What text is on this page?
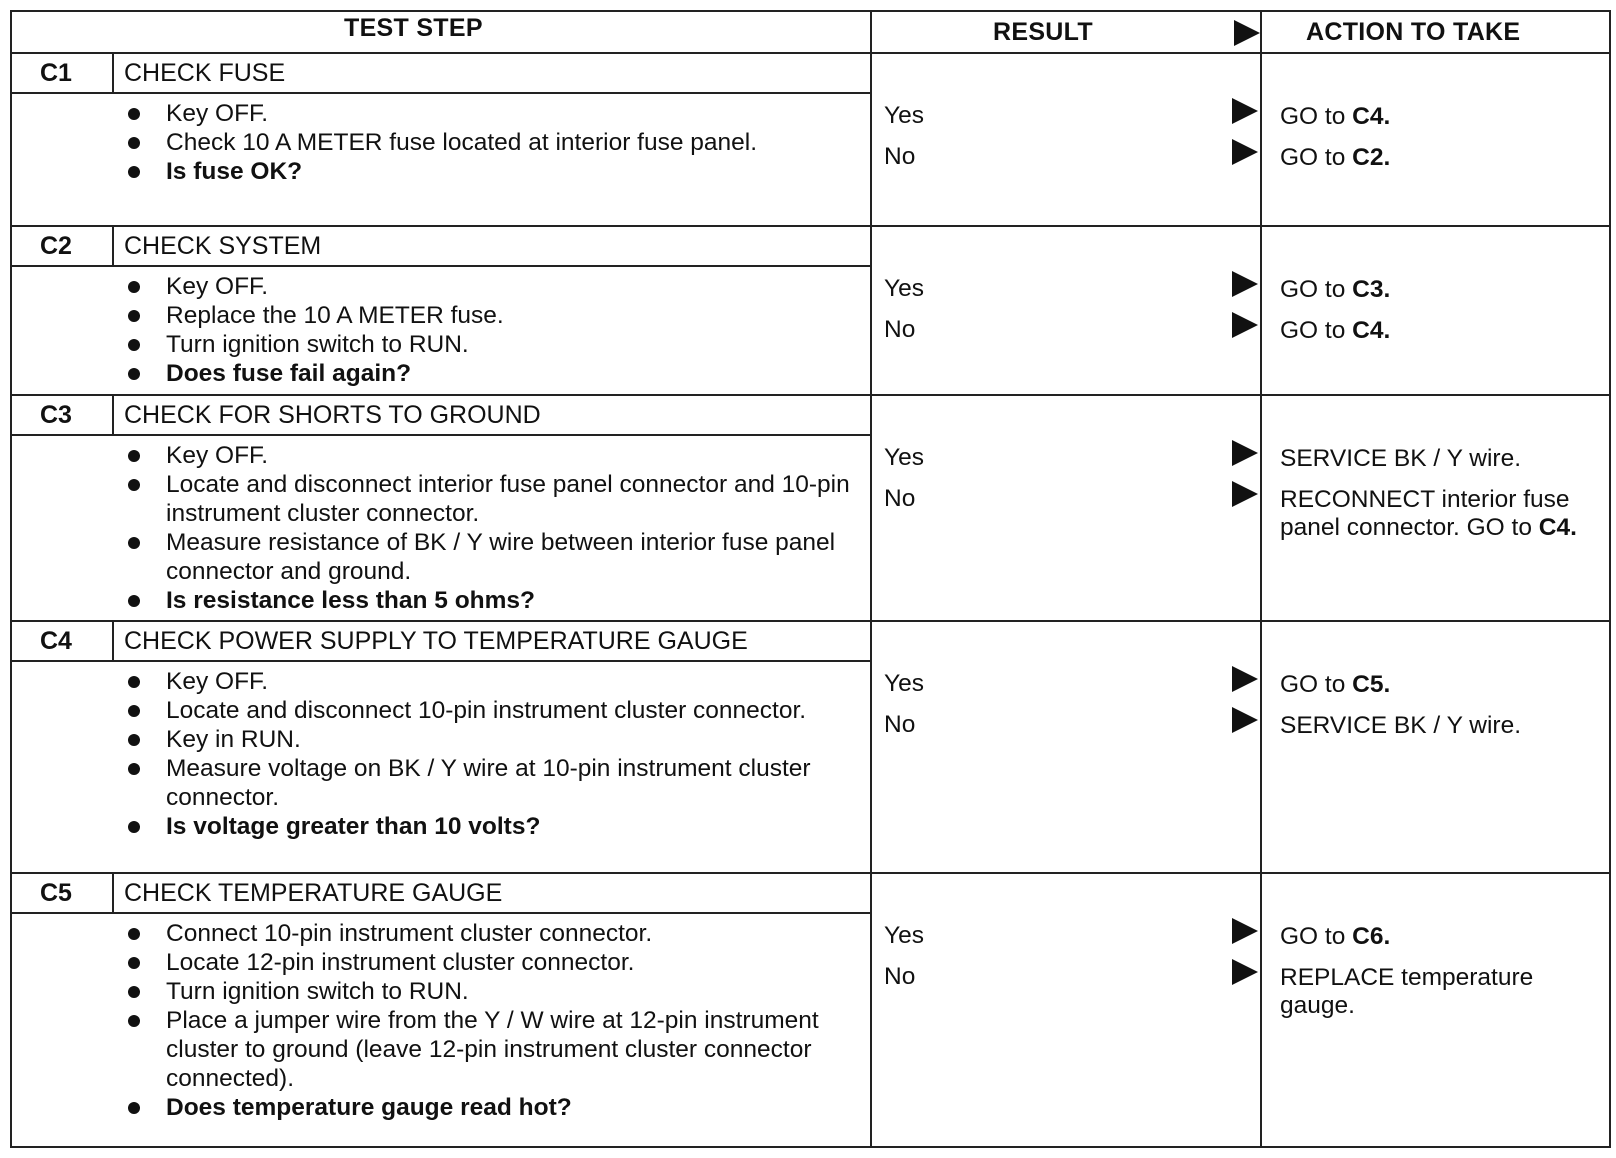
TEST STEP	RESULT	ACTION TO TAKE
C1 CHECK FUSE
Key OFF.
Check 10 A METER fuse located at interior fuse panel.
Is fuse OK?
Yes	GO to C4.
No	GO to C2.
C2 CHECK SYSTEM
Key OFF.
Replace the 10 A METER fuse.
Turn ignition switch to RUN.
Does fuse fail again?
Yes	GO to C3.
No	GO to C4.
C3 CHECK FOR SHORTS TO GROUND
Key OFF.
Locate and disconnect interior fuse panel connector and 10-pin instrument cluster connector.
Measure resistance of BK / Y wire between interior fuse panel connector and ground.
Is resistance less than 5 ohms?
Yes	SERVICE BK / Y wire.
No	RECONNECT interior fuse panel connector. GO to C4.
C4 CHECK POWER SUPPLY TO TEMPERATURE GAUGE
Key OFF.
Locate and disconnect 10-pin instrument cluster connector.
Key in RUN.
Measure voltage on BK / Y wire at 10-pin instrument cluster connector.
Is voltage greater than 10 volts?
Yes	GO to C5.
No	SERVICE BK / Y wire.
C5 CHECK TEMPERATURE GAUGE
Connect 10-pin instrument cluster connector.
Locate 12-pin instrument cluster connector.
Turn ignition switch to RUN.
Place a jumper wire from the Y / W wire at 12-pin instrument cluster to ground (leave 12-pin instrument cluster connector connected).
Does temperature gauge read hot?
Yes	GO to C6.
No	REPLACE temperature gauge.
